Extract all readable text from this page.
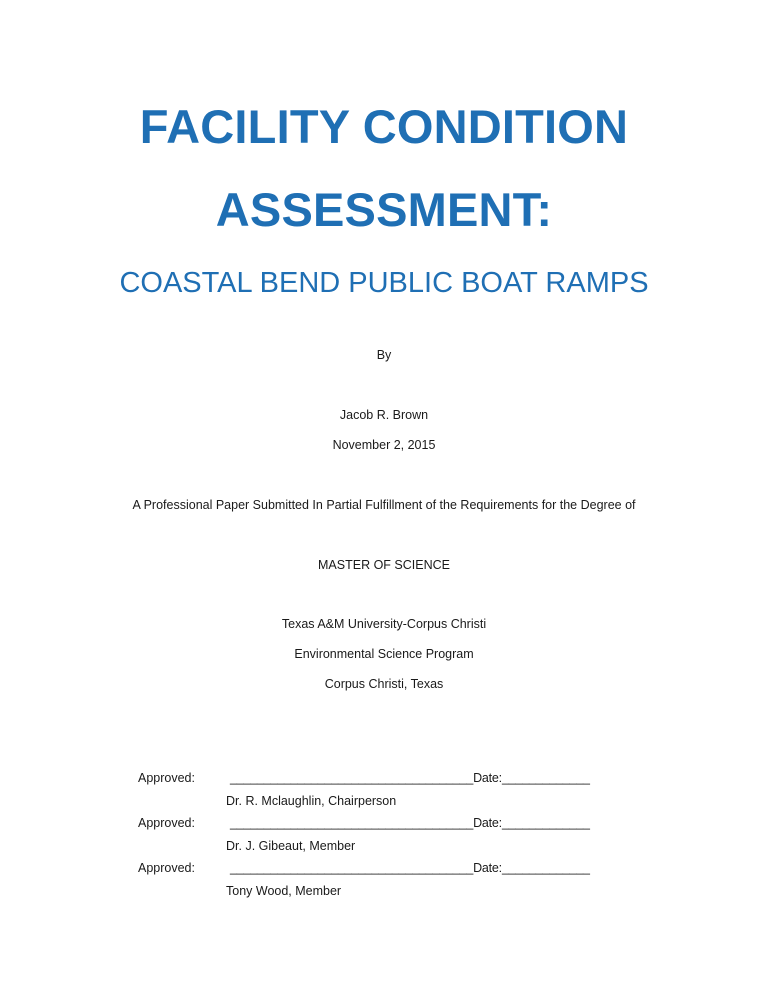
FACILITY CONDITION
ASSESSMENT:
COASTAL BEND PUBLIC BOAT RAMPS

By

Jacob R. Brown

November 2, 2015

A Professional Paper Submitted In Partial Fulfillment of the Requirements for the Degree of

MASTER OF SCIENCE

Texas A&M University-Corpus Christi

Environmental Science Program

Corpus Christi, Texas

Approved:	____________________________________Date:_____________
Dr. R. Mclaughlin, Chairperson
Approved:	____________________________________Date:_____________
Dr. J. Gibeaut, Member
Approved:	____________________________________Date:_____________
Tony Wood, Member
